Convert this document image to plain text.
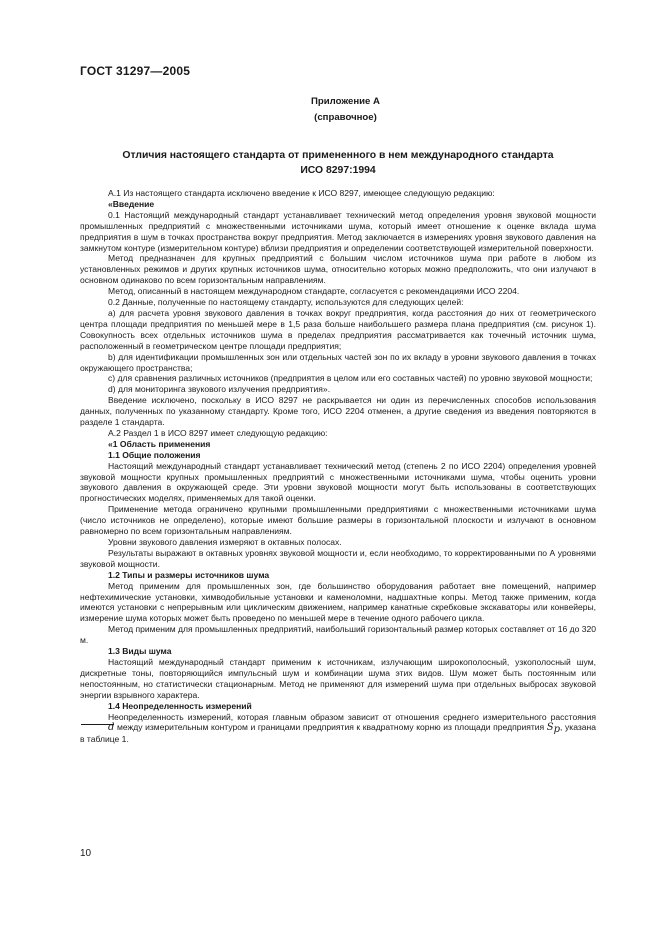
ГОСТ 31297—2005
Приложение А
(справочное)
Отличия настоящего стандарта от примененного в нем международного стандарта
ИСО 8297:1994

А.1 Из настоящего стандарта исключено введение к ИСО 8297, имеющее следующую редакцию:

«Введение

0.1 Настоящий международный стандарт устанавливает технический метод определения уровня звуковой мощности промышленных предприятий с множественными источниками шума, который имеет отношение к оценке вклада шума предприятия в шум в точках пространства вокруг предприятия. Метод заключается в измерениях уровня звукового давления на замкнутом контуре (измерительном контуре) вблизи предприятия и определении соответствующей измерительной поверхности.

Метод предназначен для крупных предприятий с большим числом источников шума при работе в любом из установленных режимов и других крупных источников шума, относительно которых можно предположить, что они излучают в основном одинаково по всем горизонтальным направлениям.

Метод, описанный в настоящем международном стандарте, согласуется с рекомендациями ИСО 2204.

0.2 Данные, полученные по настоящему стандарту, используются для следующих целей:

а) для расчета уровня звукового давления в точках вокруг предприятия, когда расстояния до них от геометрического центра площади предприятия по меньшей мере в 1,5 раза больше наибольшего размера плана предприятия (см. рисунок 1). Совокупность всех отдельных источников шума в пределах предприятия рассматривается как точечный источник шума, расположенный в геометрическом центре площади предприятия;

b) для идентификации промышленных зон или отдельных частей зон по их вкладу в уровни звукового давления в точках окружающего пространства;

с) для сравнения различных источников (предприятия в целом или его составных частей) по уровню звуковой мощности;

d) для мониторинга звукового излучения предприятия».

Введение исключено, поскольку в ИСО 8297 не раскрывается ни один из перечисленных способов использования данных, полученных по указанному стандарту. Кроме того, ИСО 2204 отменен, а другие сведения из введения повторяются в разделе 1 стандарта.

А.2 Раздел 1 в ИСО 8297 имеет следующую редакцию:

«1 Область применения

1.1 Общие положения

Настоящий международный стандарт устанавливает технический метод (степень 2 по ИСО 2204) определения уровней звуковой мощности крупных промышленных предприятий с множественными источниками шума, чтобы оценить уровни звукового давления в окружающей среде. Эти уровни звуковой мощности могут быть использованы в соответствующих прогностических моделях, применяемых для такой оценки.

Применение метода ограничено крупными промышленными предприятиями с множественными источниками шума (число источников не определено), которые имеют большие размеры в горизонтальной плоскости и излучают в основном равномерно по всем горизонтальным направлениям.

Уровни звукового давления измеряют в октавных полосах.

Результаты выражают в октавных уровнях звуковой мощности и, если необходимо, то корректированными по А уровнями звуковой мощности.

1.2 Типы и размеры источников шума

Метод применим для промышленных зон, где большинство оборудования работает вне помещений, например нефтехимические установки, химводобильные установки и каменоломни, надшахтные копры. Метод также применим, когда имеются установки с непрерывным или циклическим движением, например канатные скребковые экскаваторы или конвейеры, измерение шума которых может быть проведено по меньшей мере в течение одного рабочего цикла.

Метод применим для промышленных предприятий, наибольший горизонтальный размер которых составляет от 16 до 320 м.

1.3 Виды шума

Настоящий международный стандарт применим к источникам, излучающим широкополосный, узкополосный шум, дискретные тоны, повторяющийся импульсный шум и комбинации шума этих видов. Шум может быть постоянным или непостоянным, но статистически стационарным. Метод не применяют для измерений шума при отдельных выбросах звуковой энергии взрывного характера.

1.4 Неопределенность измерений

Неопределенность измерений, которая главным образом зависит от отношения среднего измерительного расстояния d между измерительным контуром и границами предприятия к квадратному корню из площади предприятия $S_p$, указана в таблице 1.

10
